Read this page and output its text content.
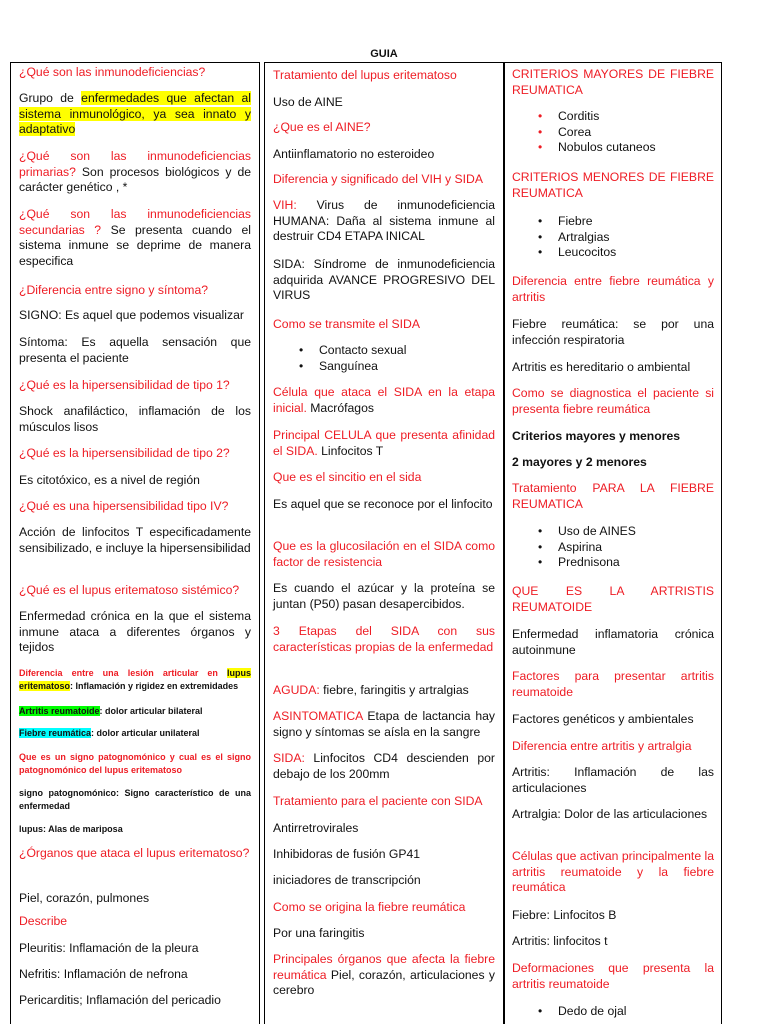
GUIA
¿Qué son las inmunodeficiencias?
Grupo de enfermedades que afectan al sistema inmunológico, ya sea innato y adaptativo
¿Qué son las inmunodeficiencias primarias? Son procesos biológicos y de carácter genético , *
¿Qué son las inmunodeficiencias secundarias ? Se presenta cuando el sistema inmune se deprime de manera especifica
¿Diferencia entre signo y síntoma?
SIGNO: Es aquel que podemos visualizar
Síntoma: Es aquella sensación que presenta el paciente
¿Qué es la hipersensibilidad de tipo 1?
Shock anafiláctico, inflamación de los músculos lisos
¿Qué es la hipersensibilidad de tipo 2?
Es citotóxico, es a nivel de región
¿Qué es una hipersensibilidad tipo IV?
Acción de linfocitos T especificadamente sensibilizado, e incluye la hipersensibilidad
¿Qué es el lupus eritematoso sistémico?
Enfermedad crónica en la que el sistema inmune ataca a diferentes órganos y tejidos
Diferencia entre una lesión articular en lupus eritematoso: Inflamación y rigidez en extremidades
Artritis reumatoide: dolor articular bilateral
Fiebre reumática: dolor articular unilateral
Que es un signo patognomónico y cual es el signo patognomónico del lupus eritematoso
signo patognomónico: Signo característico de una enfermedad
lupus: Alas de mariposa
¿Órganos que ataca el lupus eritematoso?
Piel, corazón, pulmones
Describe
Pleuritis: Inflamación de la pleura
Nefritis: Inflamación de nefrona
Pericarditis; Inflamación del pericadio
Tratamiento del lupus eritematoso
Uso de AINE
¿Que es el AINE?
Antiinflamatorio no esteroideo
Diferencia y significado del VIH y SIDA
VIH: Virus de inmunodeficiencia HUMANA: Daña al sistema inmune al destruir CD4 ETAPA INICAL
SIDA: Síndrome de inmunodeficiencia adquirida AVANCE PROGRESIVO DEL VIRUS
Como se transmite el SIDA
• Contacto sexual
• Sanguínea
Célula que ataca el SIDA en la etapa inicial. Macrófagos
Principal CELULA que presenta afinidad el SIDA. Linfocitos T
Que es el sincitio en el sida
Es aquel que se reconoce por el linfocito
Que es la glucosilación en el SIDA como factor de resistencia
Es cuando el azúcar y la proteína se juntan (P50) pasan desapercibidos.
3 Etapas del SIDA con sus características propias de la enfermedad
AGUDA: fiebre, faringitis y artralgias
ASINTOMATICA Etapa de lactancia hay signo y síntomas se aísla en la sangre
SIDA: Linfocitos CD4 descienden por debajo de los 200mm
Tratamiento para el paciente con SIDA
Antirretrovirales
Inhibidoras de fusión GP41
iniciadores de transcripción
Como se origina la fiebre reumática
Por una faringitis
Principales órganos que afecta la fiebre reumática Piel, corazón, articulaciones y cerebro
CRITERIOS MAYORES DE FIEBRE REUMATICA
• Corditis
• Corea
• Nobulos cutaneos
CRITERIOS MENORES DE FIEBRE REUMATICA
• Fiebre
• Artralgias
• Leucocitos
Diferencia entre fiebre reumática y artritis
Fiebre reumática: se por una infección respiratoria
Artritis es hereditario o ambiental
Como se diagnostica el paciente si presenta fiebre reumática
Criterios mayores y menores
2 mayores y 2 menores
Tratamiento PARA LA FIEBRE REUMATICA
• Uso de AINES
• Aspirina
• Prednisona
QUE ES LA ARTRISTIS REUMATOIDE
Enfermedad inflamatoria crónica autoinmune
Factores para presentar artritis reumatoide
Factores genéticos y ambientales
Diferencia entre artritis y artralgia
Artritis: Inflamación de las articulaciones
Artralgia: Dolor de las articulaciones
Células que activan principalmente la artritis reumatoide y la fiebre reumática
Fiebre: Linfocitos B
Artritis: linfocitos t
Deformaciones que presenta la artritis reumatoide
• Dedo de ojal
